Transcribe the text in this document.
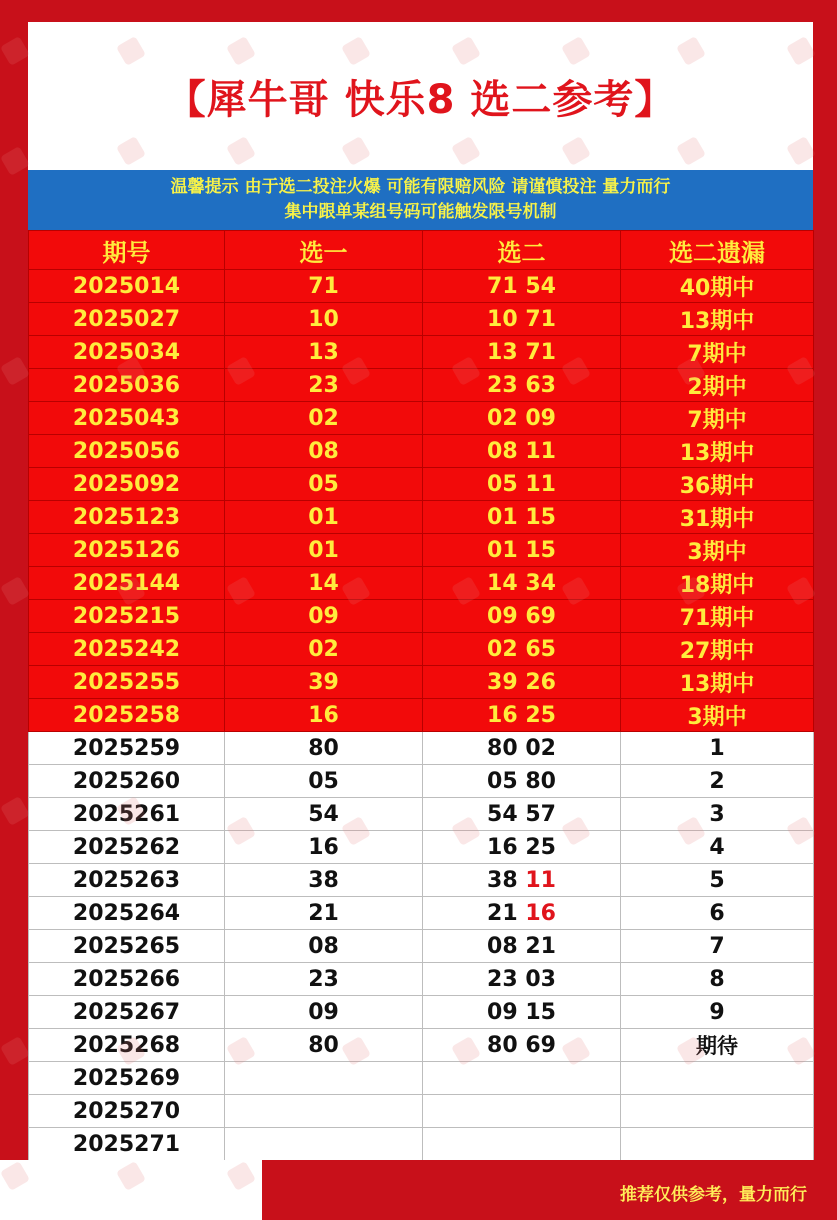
【犀牛哥 快乐8 选二参考】
温馨提示 由于选二投注火爆 可能有限赔风险 请谨慎投注 量力而行
集中跟单某组号码可能触发限号机制
期号	选一	选二	选二遗漏
2025014	71	71 54	40期中
2025027	10	10 71	13期中
2025034	13	13 71	7期中
2025036	23	23 63	2期中
2025043	02	02 09	7期中
2025056	08	08 11	13期中
2025092	05	05 11	36期中
2025123	01	01 15	31期中
2025126	01	01 15	3期中
2025144	14	14 34	18期中
2025215	09	09 69	71期中
2025242	02	02 65	27期中
2025255	39	39 26	13期中
2025258	16	16 25	3期中
2025259	80	80 02	1
2025260	05	05 80	2
2025261	54	54 57	3
2025262	16	16 25	4
2025263	38	38 11	5
2025264	21	21 16	6
2025265	08	08 21	7
2025266	23	23 03	8
2025267	09	09 15	9
2025268	80	80 69	期待
2025269			
2025270			
2025271			
推荐仅供参考，量力而行
